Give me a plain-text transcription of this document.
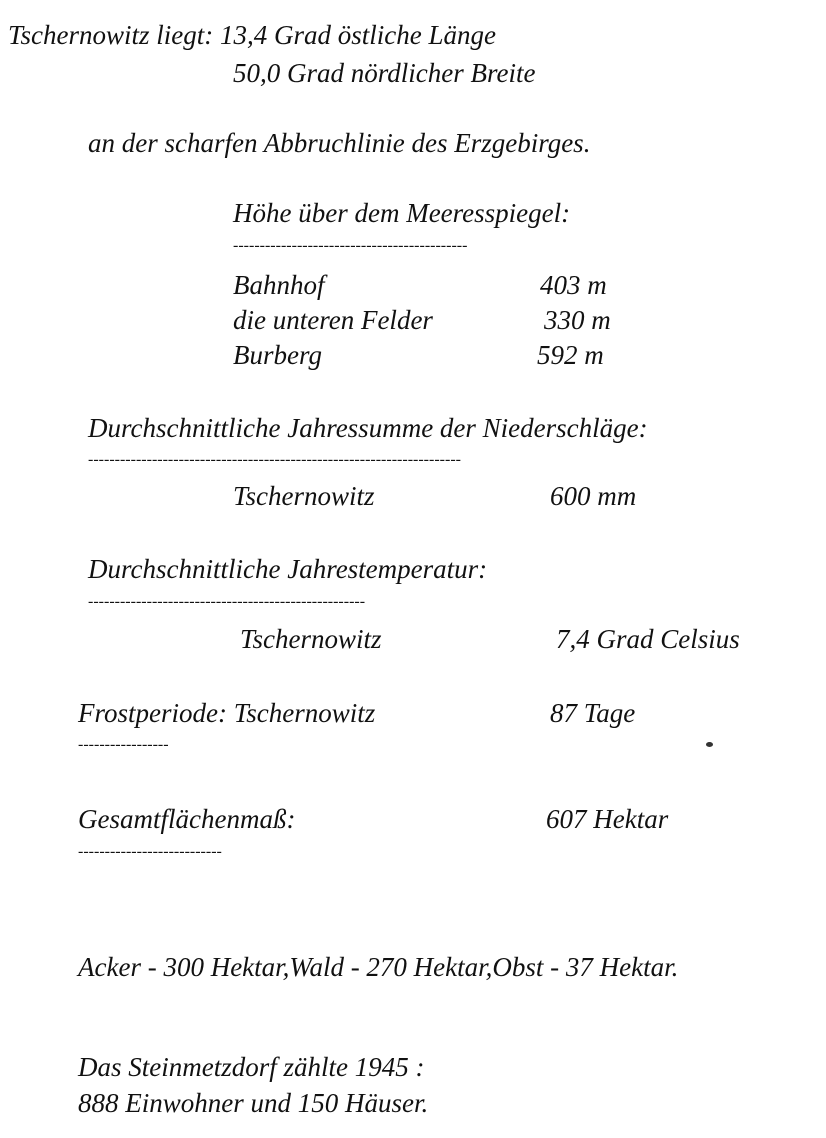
Tschernowitz liegt: 13,4 Grad östliche Länge
50,0 Grad nördlicher Breite
an der scharfen Abbruchlinie des Erzgebirges.
Höhe über dem Meeresspiegel:
--------------------------------------------
Bahnhof	403 m
die unteren Felder	330 m
Burberg	592 m
Durchschnittliche Jahressumme der Niederschläge:
----------------------------------------------------------------------
Tschernowitz	600 mm
Durchschnittliche Jahrestemperatur:
----------------------------------------------------
Tschernowitz	7,4 Grad Celsius
Frostperiode: Tschernowitz	87 Tage
-----------------
Gesamtflächenmaß:	607 Hektar
---------------------------
Acker - 300 Hektar,Wald - 270 Hektar,Obst - 37 Hektar.
Das Steinmetzdorf zählte 1945 :
888 Einwohner und 150 Häuser.
